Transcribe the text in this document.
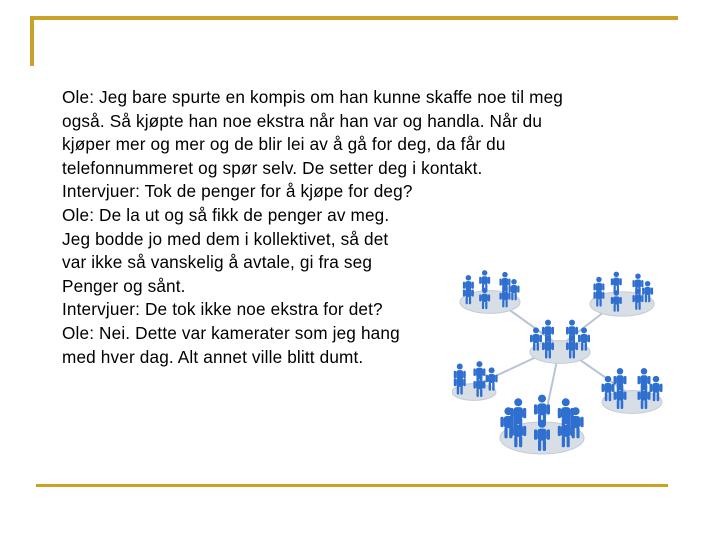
Ole: Jeg bare spurte en kompis om han kunne skaffe noe til meg
også. Så kjøpte han noe ekstra når han var og handla. Når du
kjøper mer og mer og de blir lei av å gå for deg, da får du
telefonnummeret og spør selv. De setter deg i kontakt.
Intervjuer: Tok de penger for å kjøpe for deg?
Ole: De la ut og så fikk de penger av meg.
Jeg bodde jo med dem i kollektivet, så det
var ikke så vanskelig å avtale, gi fra seg
Penger og sånt.
Intervjuer: De tok ikke noe ekstra for det?
Ole: Nei. Dette var kamerater som jeg hang
med hver dag. Alt annet ville blitt dumt.
